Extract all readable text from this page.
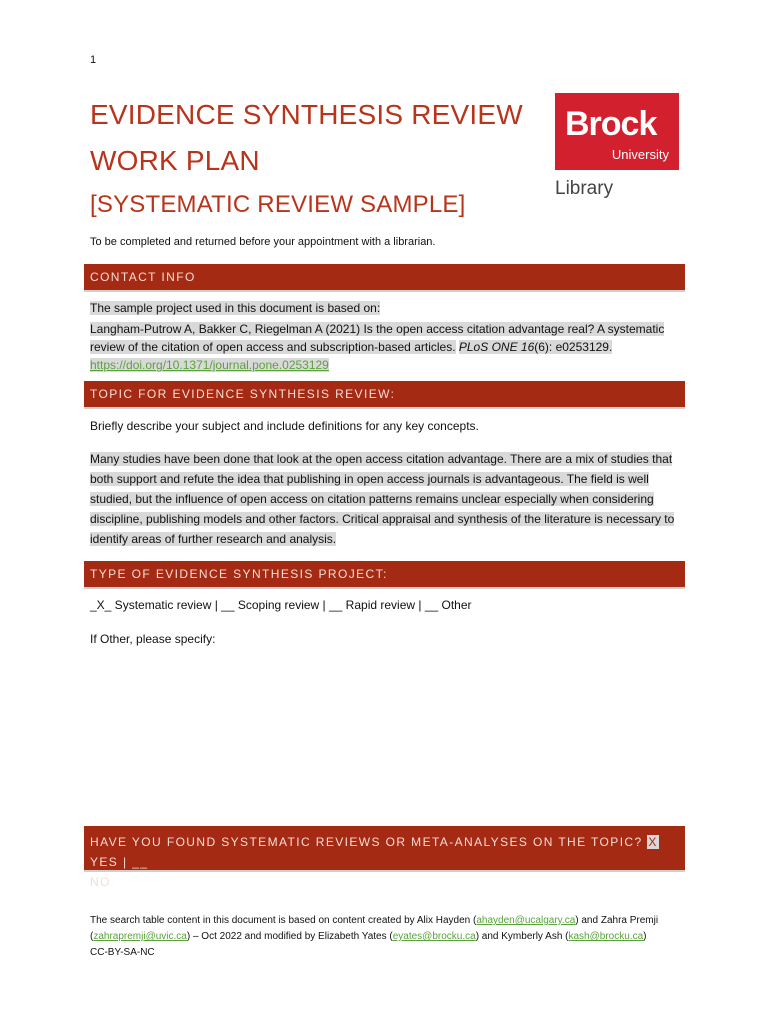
1
EVIDENCE SYNTHESIS REVIEW
WORK PLAN
[SYSTEMATIC REVIEW SAMPLE]
Brock
University
Library
To be completed and returned before your appointment with a librarian.
CONTACT INFO
The sample project used in this document is based on:
Langham-Putrow A, Bakker C, Riegelman A (2021) Is the open access citation advantage real? A systematic review of the citation of open access and subscription-based articles. PLoS ONE 16(6): e0253129. https://doi.org/10.1371/journal.pone.0253129
TOPIC FOR EVIDENCE SYNTHESIS REVIEW:
Briefly describe your subject and include definitions for any key concepts.
Many studies have been done that look at the open access citation advantage. There are a mix of studies that both support and refute the idea that publishing in open access journals is advantageous. The field is well studied, but the influence of open access on citation patterns remains unclear especially when considering discipline, publishing models and other factors. Critical appraisal and synthesis of the literature is necessary to identify areas of further research and analysis.
TYPE OF EVIDENCE SYNTHESIS PROJECT:
_X_ Systematic review | __ Scoping review | __ Rapid review | __ Other
If Other, please specify:
HAVE YOU FOUND SYSTEMATIC REVIEWS OR META-ANALYSES ON THE TOPIC? X YES | __
NO
The search table content in this document is based on content created by Alix Hayden (ahayden@ucalgary.ca) and Zahra Premji (zahrapremji@uvic.ca) – Oct 2022 and modified by Elizabeth Yates (eyates@brocku.ca) and Kymberly Ash (kash@brocku.ca)
CC-BY-SA-NC
